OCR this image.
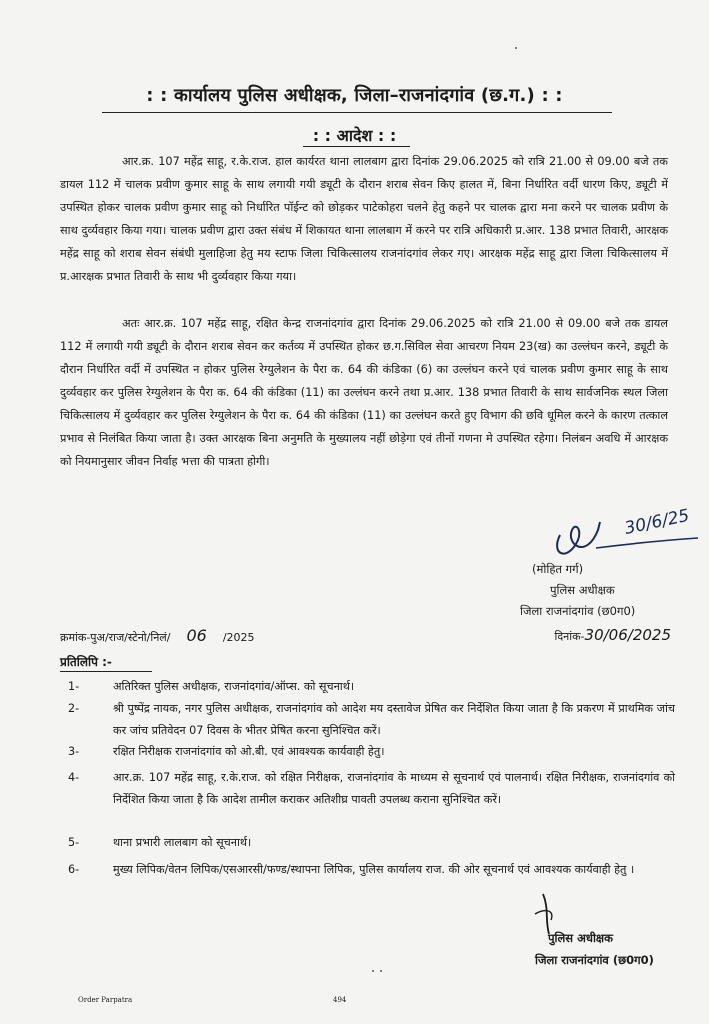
: : कार्यालय पुलिस अधीक्षक, जिला–राजनांदगांव (छ.ग.) : :
: : आदेश : :

आर.क्र. 107 महेंद्र साहू, र.के.राज. हाल कार्यरत थाना लालबाग द्वारा दिनांक 29.06.2025 को रात्रि 21.00 से 09.00 बजे तक डायल 112 में चालक प्रवीण कुमार साहू के साथ लगायी गयी ड्यूटी के दौरान शराब सेवन किए हालत में, बिना निर्धारित वर्दी धारण किए, ड्यूटी में उपस्थित होकर चालक प्रवीण कुमार साहू को निर्धारित पॉईन्ट को छोड़कर पाटेकोहरा चलने हेतु कहने पर चालक द्वारा मना करने पर चालक प्रवीण के साथ दुर्व्यवहार किया गया। चालक प्रवीण द्वारा उक्त संबंध में शिकायत थाना लालबाग में करने पर रात्रि अधिकारी प्र.आर. 138 प्रभात तिवारी, आरक्षक महेंद्र साहू को शराब सेवन संबंधी मुलाहिजा हेतु मय स्टाफ जिला चिकित्सालय राजनांदगांव लेकर गए। आरक्षक महेंद्र साहू द्वारा जिला चिकित्सालय में प्र.आरक्षक प्रभात तिवारी के साथ भी दुर्व्यवहार किया गया।

अतः आर.क्र. 107 महेंद्र साहू, रक्षित केन्द्र राजनांदगांव द्वारा दिनांक 29.06.2025 को रात्रि 21.00 से 09.00 बजे तक डायल 112 में लगायी गयी ड्यूटी के दौरान शराब सेवन कर कर्तव्य में उपस्थित होकर छ.ग.सिविल सेवा आचरण नियम 23(ख) का उल्लंघन करने, ड्यूटी के दौरान निर्धारित वर्दी में उपस्थित न होकर पुलिस रेग्युलेशन के पैरा क. 64 की कंडिका (6) का उल्लंघन करने एवं चालक प्रवीण कुमार साहू के साथ दुर्व्यवहार कर पुलिस रेग्युलेशन के पैरा क. 64 की कंडिका (11) का उल्लंघन करने तथा प्र.आर. 138 प्रभात तिवारी के साथ सार्वजनिक स्थल जिला चिकित्सालय में दुर्व्यवहार कर पुलिस रेग्युलेशन के पैरा क. 64 की कंडिका (11) का उल्लंघन करते हुए विभाग की छवि धूमिल करने के कारण तत्काल प्रभाव से निलंबित किया जाता है। उक्त आरक्षक बिना अनुमति के मुख्यालय नहीं छोड़ेगा एवं तीनों गणना मे उपस्थित रहेगा। निलंबन अवधि में आरक्षक को नियमानुसार जीवन निर्वाह भत्ता की पात्रता होगी।

30/6/25
(मोहित गर्ग)
पुलिस अधीक्षक
जिला राजनांदगांव (छ0ग0)
क्रमांक-पुअ/राज/स्टेनो/निलं/ 06 /2025	दिनांक-30/06/2025
प्रतिलिपि :-
1-	अतिरिक्त पुलिस अधीक्षक, राजनांदगांव/ऑप्स. को सूचनार्थ।
2-	श्री पुष्पेंद्र नायक, नगर पुलिस अधीक्षक, राजनांदगांव को आदेश मय दस्तावेज प्रेषित कर निर्देशित किया जाता है कि प्रकरण में प्राथमिक जांच कर जांच प्रतिवेदन 07 दिवस के भीतर प्रेषित करना सुनिश्चित करें।
3-	रक्षित निरीक्षक राजनांदगांव को ओ.बी. एवं आवश्यक कार्यवाही हेतु।
4-	आर.क्र. 107 महेंद्र साहू, र.के.राज. को रक्षित निरीक्षक, राजनांदगांव के माध्यम से सूचनार्थ एवं पालनार्थ। रक्षित निरीक्षक, राजनांदगांव को निर्देशित किया जाता है कि आदेश तामील कराकर अतिशीघ्र पावती उपलब्ध कराना सुनिश्चित करें।
5-	थाना प्रभारी लालबाग को सूचनार्थ।
6-	मुख्य लिपिक/वेतन लिपिक/एसआरसी/फण्ड/स्थापना लिपिक, पुलिस कार्यालय राज. की ओर सूचनार्थ एवं आवश्यक कार्यवाही हेतु ।
पुलिस अधीक्षक
जिला राजनांदगांव (छ0ग0)
Order Parpatra	494
